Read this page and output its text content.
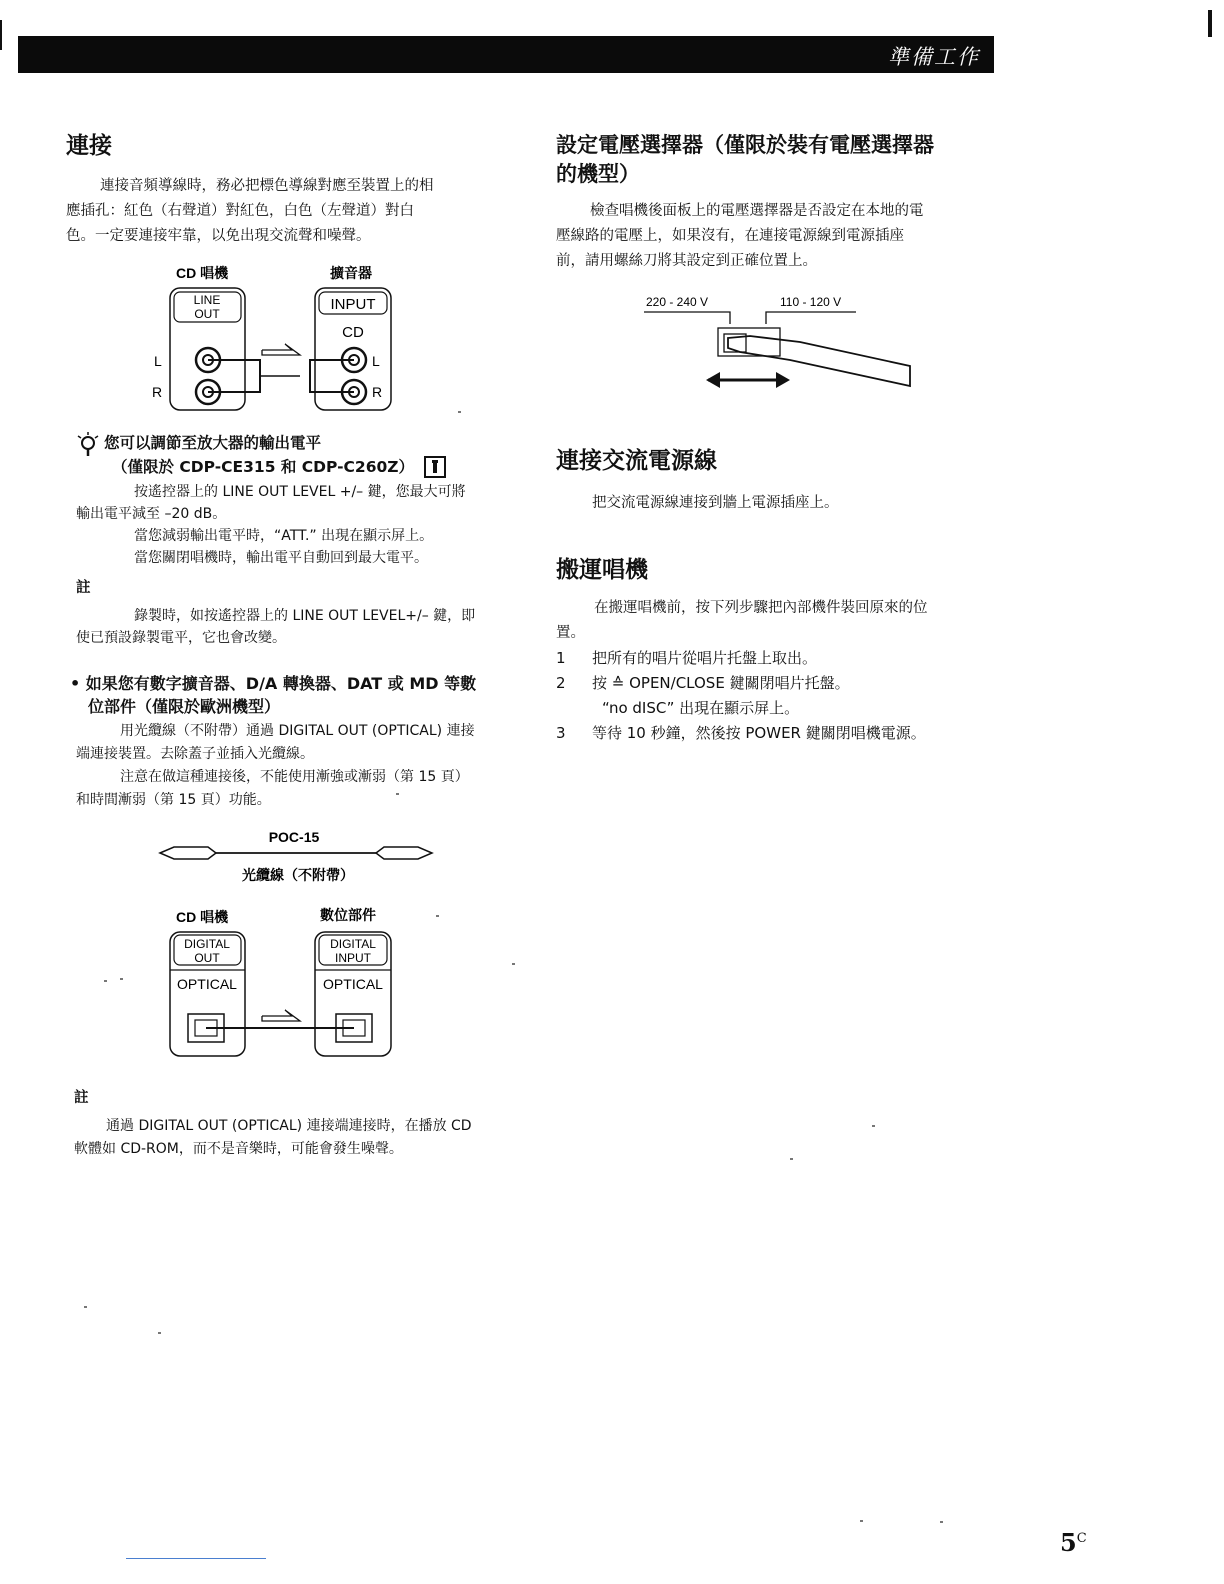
準備工作
連接

連接音頻導線時，務必把標色導線對應至裝置上的相

應插孔：紅色（右聲道）對紅色，白色（左聲道）對白

色。一定要連接牢靠，以免出現交流聲和噪聲。

CD 唱機	擴音器
LINE
OUT
INPUT
CD
L
R
L
R
您可以調節至放大器的輸出電平
（僅限於 CDP-CE315 和 CDP-C260Z）
按遙控器上的 LINE OUT LEVEL +/– 鍵，您最大可將
輸出電平減至 –20 dB。
當您減弱輸出電平時，“ATT.” 出現在顯示屏上。
當您關閉唱機時，輸出電平自動回到最大電平。
註
錄製時，如按遙控器上的 LINE OUT LEVEL+/– 鍵，即
使已預設錄製電平，它也會改變。
• 如果您有數字擴音器、D/A 轉換器、DAT 或 MD 等數
位部件（僅限於歐洲機型）
用光纜線（不附帶）通過 DIGITAL OUT (OPTICAL) 連接
端連接裝置。去除蓋子並插入光纜線。
注意在做這種連接後，不能使用漸強或漸弱（第 15 頁）
和時間漸弱（第 15 頁）功能。
POC-15
光纜線（不附帶）
CD 唱機	數位部件
DIGITAL
OUT
OPTICAL
DIGITAL
INPUT
OPTICAL
註
通過 DIGITAL OUT (OPTICAL) 連接端連接時，在播放 CD
軟體如 CD-ROM，而不是音樂時，可能會發生噪聲。
設定電壓選擇器（僅限於裝有電壓選擇器
的機型）

檢查唱機後面板上的電壓選擇器是否設定在本地的電

壓線路的電壓上，如果沒有，在連接電源線到電源插座

前，請用螺絲刀將其設定到正確位置上。

220 - 240 V	110 - 120 V
連接交流電源線

把交流電源線連接到牆上電源插座上。

搬運唱機

在搬運唱機前，按下列步驟把內部機件裝回原來的位

置。

1	把所有的唱片從唱片托盤上取出。
2	按 ≙ OPEN/CLOSE 鍵關閉唱片托盤。
“no dISC” 出現在顯示屏上。
3	等待 10 秒鐘，然後按 POWER 鍵關閉唱機電源。
$5^C$
